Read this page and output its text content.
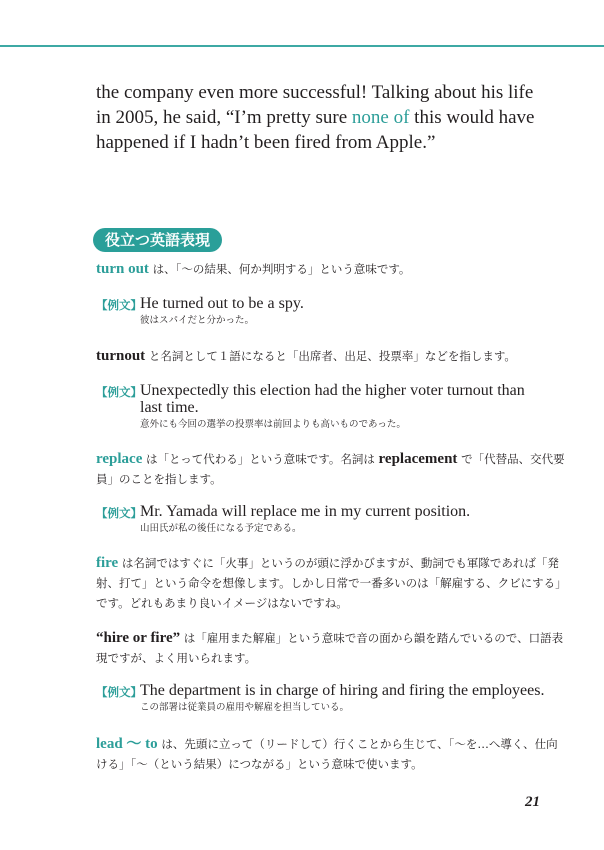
the company even more successful! Talking about his life
in 2005, he said, “I’m pretty sure none of this would have
happened if I hadn’t been fired from Apple.”

役立つ英語表現

turn out は、「～の結果、何か判明する」という意味です。

【例文】

He turned out to be a spy.

彼はスパイだと分かった。

turnout と名詞として１語になると「出席者、出足、投票率」などを指します。

【例文】

Unexpectedly this election had the higher voter turnout than
last time.

意外にも今回の選挙の投票率は前回よりも高いものであった。

replace は「とって代わる」という意味です。名詞は replacement で「代替品、交代要員」のことを指します。

【例文】

Mr. Yamada will replace me in my current position.

山田氏が私の後任になる予定である。

fire は名詞ではすぐに「火事」というのが頭に浮かびますが、動詞でも軍隊であれば「発射、打て」という命令を想像します。しかし日常で一番多いのは「解雇する、クビにする」です。どれもあまり良いイメージはないですね。

“hire or fire” は「雇用また解雇」という意味で音の面から韻を踏んでいるので、口語表現ですが、よく用いられます。

【例文】

The department is in charge of hiring and firing the employees.

この部署は従業員の雇用や解雇を担当している。

lead ～ to は、先頭に立って（リードして）行くことから生じて、「～を…へ導く、仕向ける」「～（という結果）につながる」という意味で使います。

21
